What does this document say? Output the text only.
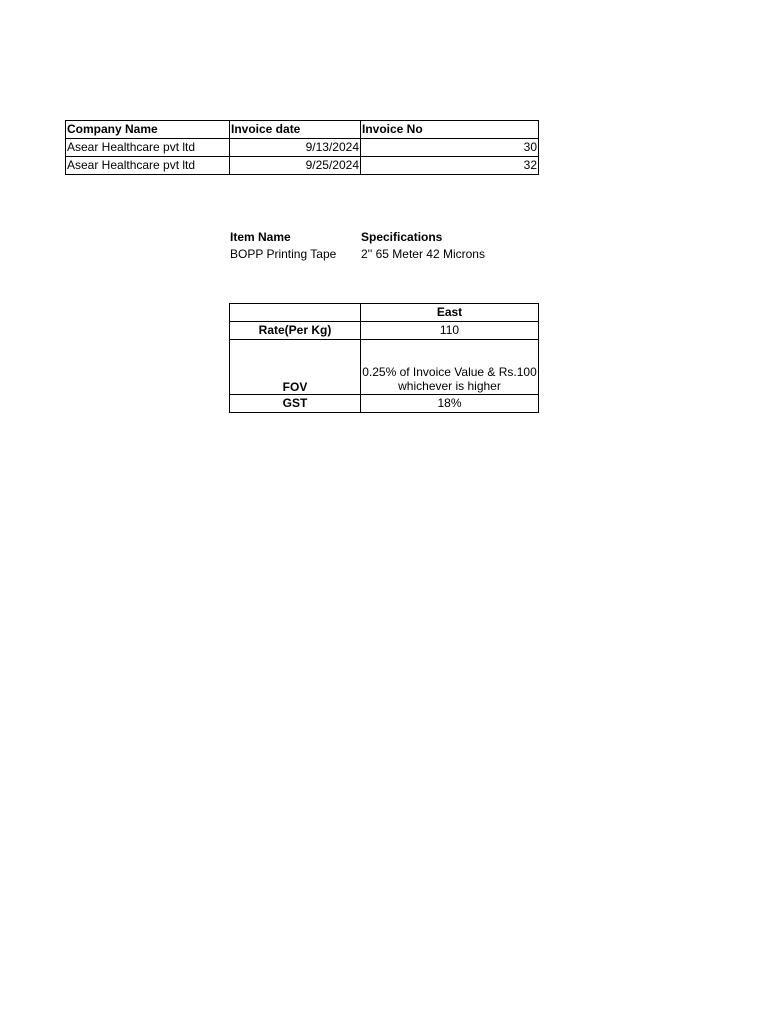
Company Name	Invoice date	Invoice No
Asear Healthcare pvt ltd	9/13/2024	30
Asear Healthcare pvt ltd	9/25/2024	32
Item Name	Specifications
BOPP Printing Tape	2'' 65 Meter 42 Microns
	East
Rate(Per Kg)	110
FOV	0.25% of Invoice Value & Rs.100 whichever is higher
GST	18%
